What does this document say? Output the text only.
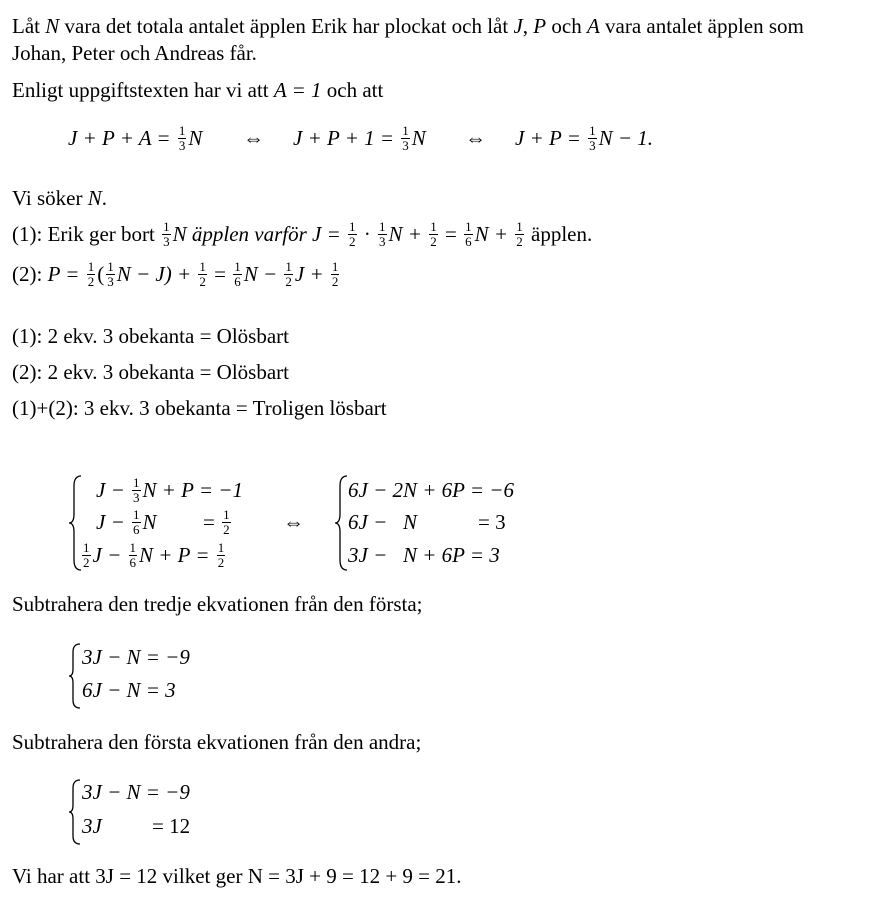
Låt N vara det totala antalet äpplen Erik har plockat och låt J, P och A vara antalet äpplen som
Johan, Peter och Andreas får.
Enligt uppgiftstexten har vi att A = 1 och att
$J + P + A = \frac{1}{3}$ N ⇔ $J + P + 1 = \frac{1}{3}$ N ⇔ $J + P = \frac{1}{3}$ N − 1.
Vi söker N.
(1): Erik ger bort $\frac{1}{3}$ N äpplen varför $J = \frac{1}{2} \cdot \frac{1}{3}$ $N + \frac{1}{2} = \frac{1}{6}$ $N + \frac{1}{2}$ äpplen.
(2): $P = \frac{1}{2}$ ( $\frac{1}{3}$ $N - J) + \frac{1}{2} = \frac{1}{6}$ $N - \frac{1}{2}$ $J + \frac{1}{2}$
(1): 2 ekv. 3 obekanta = Olösbart
(2): 2 ekv. 3 obekanta = Olösbart
(1)+(2): 3 ekv. 3 obekanta = Troligen lösbart
$J - \frac{1}{3}$ N + P = −1
$J - \frac{1}{6}$ $N = \frac{1}{2}$
$\frac{1}{2}$ $J - \frac{1}{6}$ $N + P = \frac{1}{2}$
⇔
6J − 2N + 6P = −6
6J −   N	= 3
3J −   N + 6P = 3
Subtrahera den tredje ekvationen från den första;
3J − N = −9
6J − N = 3
Subtrahera den första ekvationen från den andra;
3J − N = −9
3J = 12
Vi har att 3J = 12 vilket ger N = 3J + 9 = 12 + 9 = 21.
